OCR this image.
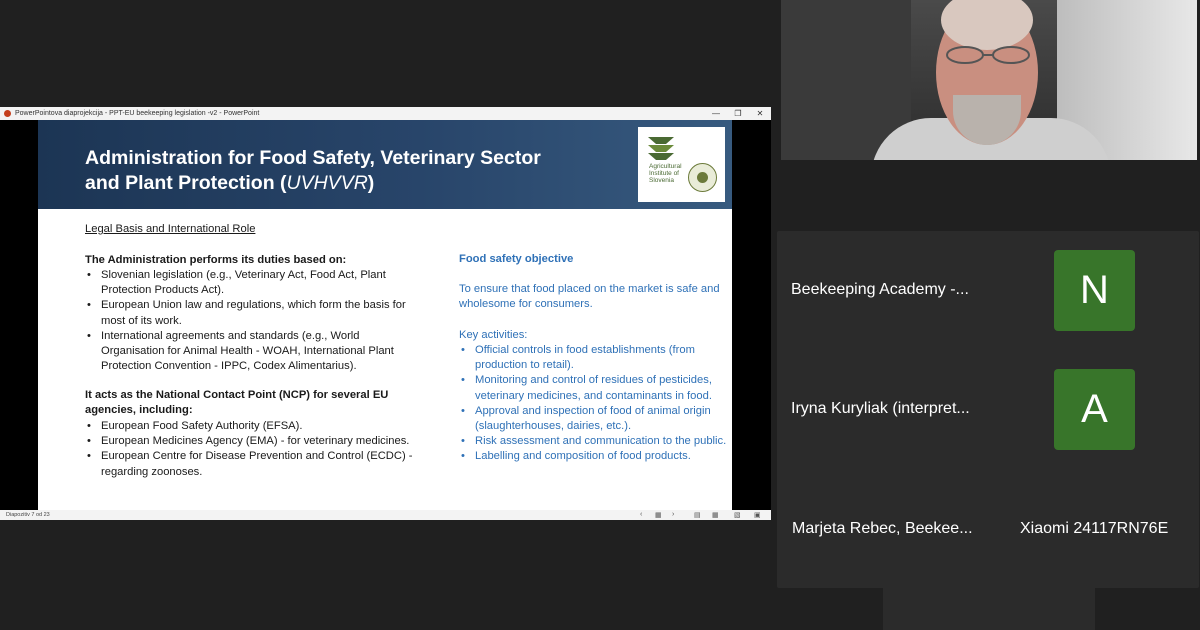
PowerPointova diaprojekcija - PPT-EU beekeeping legislation -v2 - PowerPoint	—	❐	✕
Administration for Food Safety, Veterinary Sector
and Plant Protection (UVHVVR)
Agricultural
Institute of
Slovenia
Legal Basis and International Role
The Administration performs its duties based on:
• Slovenian legislation (e.g., Veterinary Act, Food Act, Plant Protection Products Act).
• European Union law and regulations, which form the basis for most of its work.
• International agreements and standards (e.g., World Organisation for Animal Health - WOAH, International Plant Protection Convention - IPPC, Codex Alimentarius).
It acts as the National Contact Point (NCP) for several EU agencies, including:
• European Food Safety Authority (EFSA).
• European Medicines Agency (EMA) - for veterinary medicines.
• European Centre for Disease Prevention and Control (ECDC) - regarding zoonoses.
Food safety objective
To ensure that food placed on the market is safe and wholesome for consumers.
Key activities:
• Official controls in food establishments (from production to retail).
• Monitoring and control of residues of pesticides, veterinary medicines, and contaminants in food.
• Approval and inspection of food of animal origin (slaughterhouses, dairies, etc.).
• Risk assessment and communication to the public.
• Labelling and composition of food products.
Diapozitiv 7 od 23	‹ ▦ ›	▤ ▦ ▧ ▣
Beekeeping Academy -...	N
Iryna Kuryliak (interpret...	A
Marjeta Rebec, Beekee...	Xiaomi 24117RN76E
